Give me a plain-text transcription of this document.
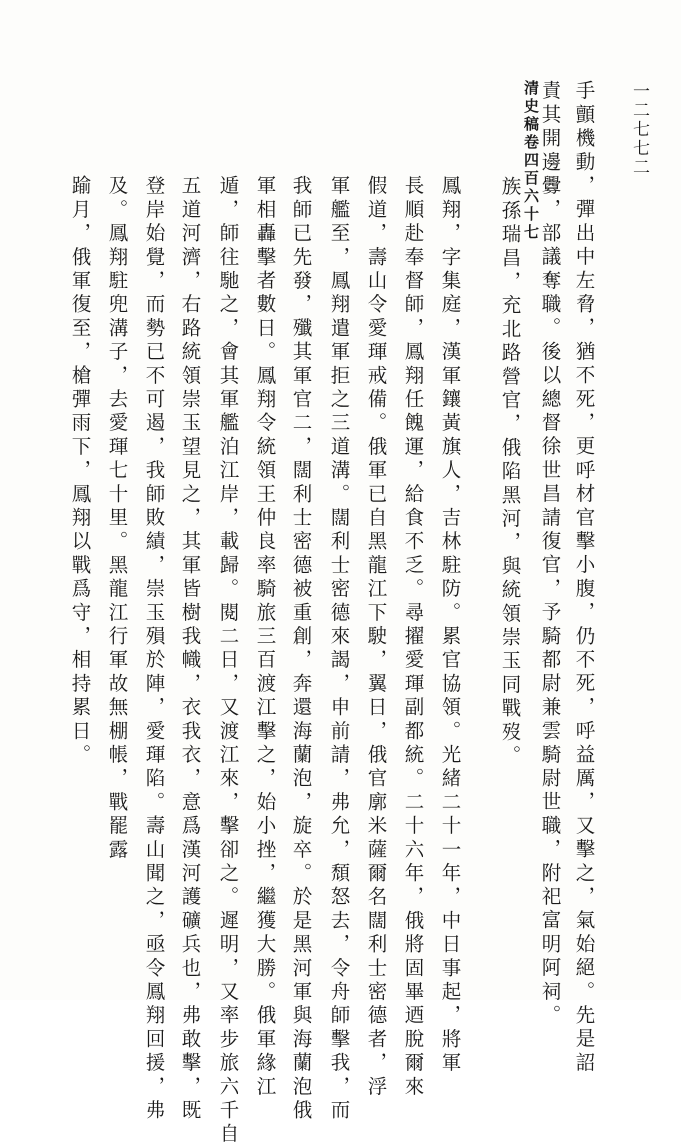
清史稿卷四百六十七	一二七七二
手顫機動，彈出中左脅，猶不死，更呼材官擊小腹，仍不死，呼益厲，又擊之，氣始絕。先是詔
責其開邊釁，部議奪職。後以總督徐世昌請復官，予騎都尉兼雲騎尉世職，附祀富明阿祠。
族孫瑞昌，充北路營官，俄陷黑河，與統領崇玉同戰歿。
鳳翔，字集庭，漢軍鑲黃旗人，吉林駐防。累官協領。光緒二十一年，中日事起，將軍
長順赴奉督師，鳳翔任餽運，給食不乏。尋擢愛琿副都統。二十六年，俄將固畢迺脫爾來
假道，壽山令愛琿戒備。俄軍已自黑龍江下駛，翼日，俄官廓米薩爾名闊利士密德者，浮
軍艦至，鳳翔遣軍拒之三道溝。闊利士密德來謁，申前請，弗允，頹怒去，令舟師擊我，而
我師已先發，殲其軍官二，闊利士密德被重創，奔還海蘭泡，旋卒。於是黑河軍與海蘭泡俄
軍相轟擊者數日。鳳翔令統領王仲良率騎旅三百渡江擊之，始小挫，繼獲大勝。俄軍緣江
遁，師往馳之，會其軍艦泊江岸，載歸。閱二日，又渡江來，擊卻之。遲明，又率步旅六千自
五道河濟，右路統領崇玉望見之，其軍皆樹我幟，衣我衣，意爲漢河護礦兵也，弗敢擊，既
登岸始覺，而勢已不可遏，我師敗績，崇玉殞於陣，愛琿陷。壽山聞之，亟令鳳翔回援，弗
及。鳳翔駐兜溝子，去愛琿七十里。黑龍江行軍故無棚帳，戰罷露
踰月，俄軍復至，槍彈雨下，鳳翔以戰爲守，相持累日。
